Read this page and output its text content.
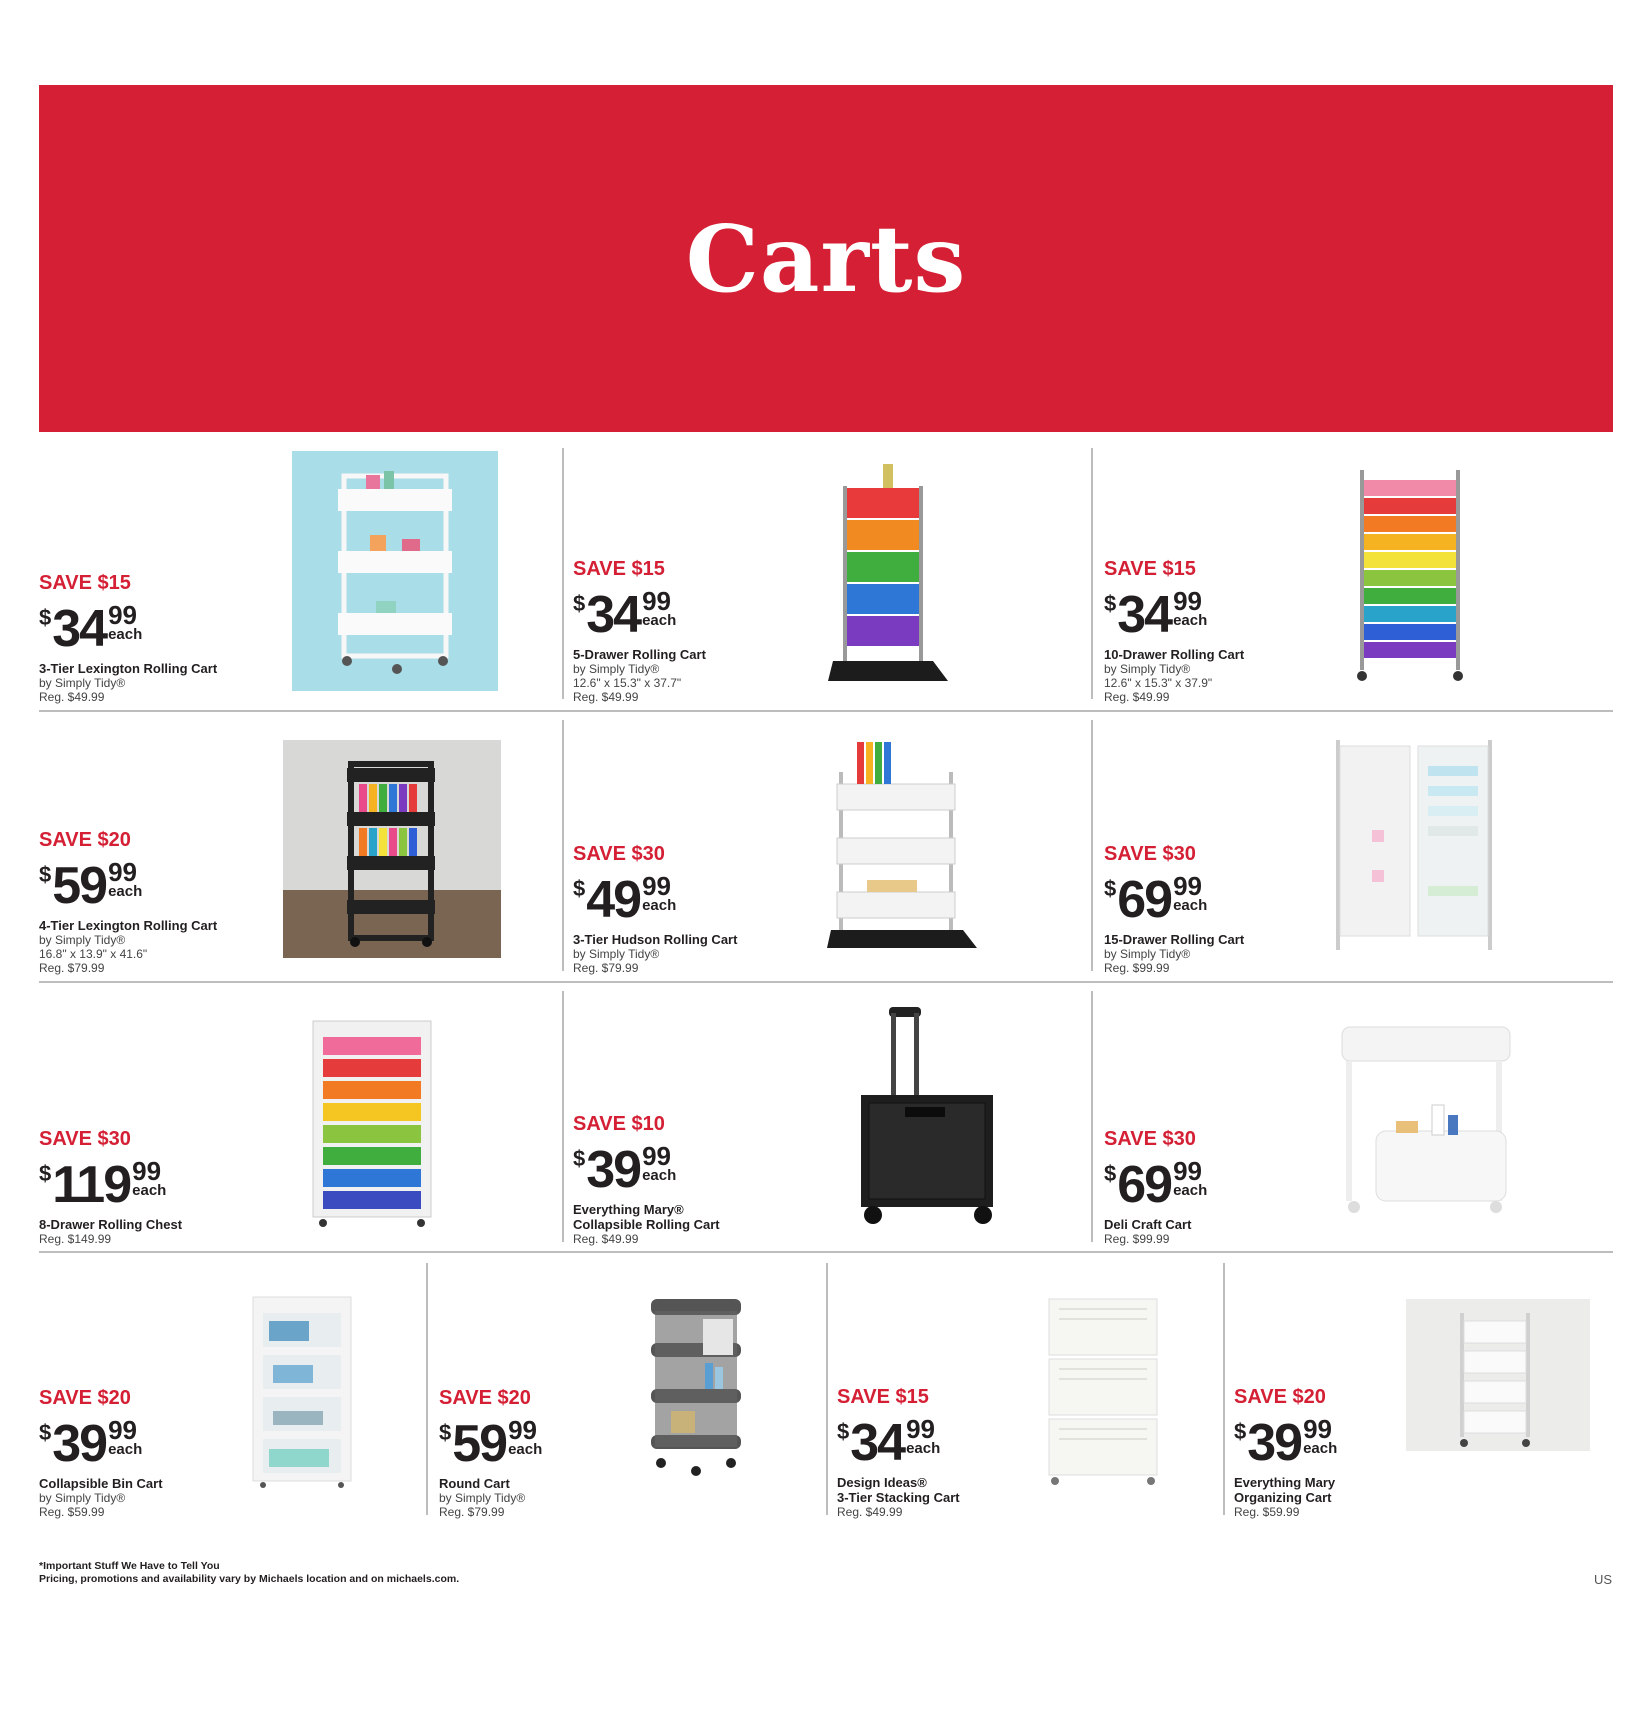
Carts
SAVE $15
$ 34 99
each
3-Tier Lexington Rolling Cart
by Simply Tidy®
Reg. $49.99
SAVE $15
$ 34 99
each
5-Drawer Rolling Cart
by Simply Tidy®
12.6" x 15.3" x 37.7"
Reg. $49.99
SAVE $15
$ 34 99
each
10-Drawer Rolling Cart
by Simply Tidy®
12.6" x 15.3" x 37.9"
Reg. $49.99
SAVE $20
$ 59 99
each
4-Tier Lexington Rolling Cart
by Simply Tidy®
16.8" x 13.9" x 41.6"
Reg. $79.99
SAVE $30
$ 49 99
each
3-Tier Hudson Rolling Cart
by Simply Tidy®
Reg. $79.99
SAVE $30
$ 69 99
each
15-Drawer Rolling Cart
by Simply Tidy®
Reg. $99.99
SAVE $30
$ 119 99
each
8-Drawer Rolling Chest
Reg. $149.99
SAVE $10
$ 39 99
each
Everything Mary®
Collapsible Rolling Cart
Reg. $49.99
SAVE $30
$ 69 99
each
Deli Craft Cart
Reg. $99.99
SAVE $20
$ 39 99
each
Collapsible Bin Cart
by Simply Tidy®
Reg. $59.99
SAVE $20
$ 59 99
each
Round Cart
by Simply Tidy®
Reg. $79.99
SAVE $15
$ 34 99
each
Design Ideas®
3-Tier Stacking Cart
Reg. $49.99
SAVE $20
$ 39 99
each
Everything Mary
Organizing Cart
Reg. $59.99
*Important Stuff We Have to Tell You
Pricing, promotions and availability vary by Michaels location and on michaels.com.	US
